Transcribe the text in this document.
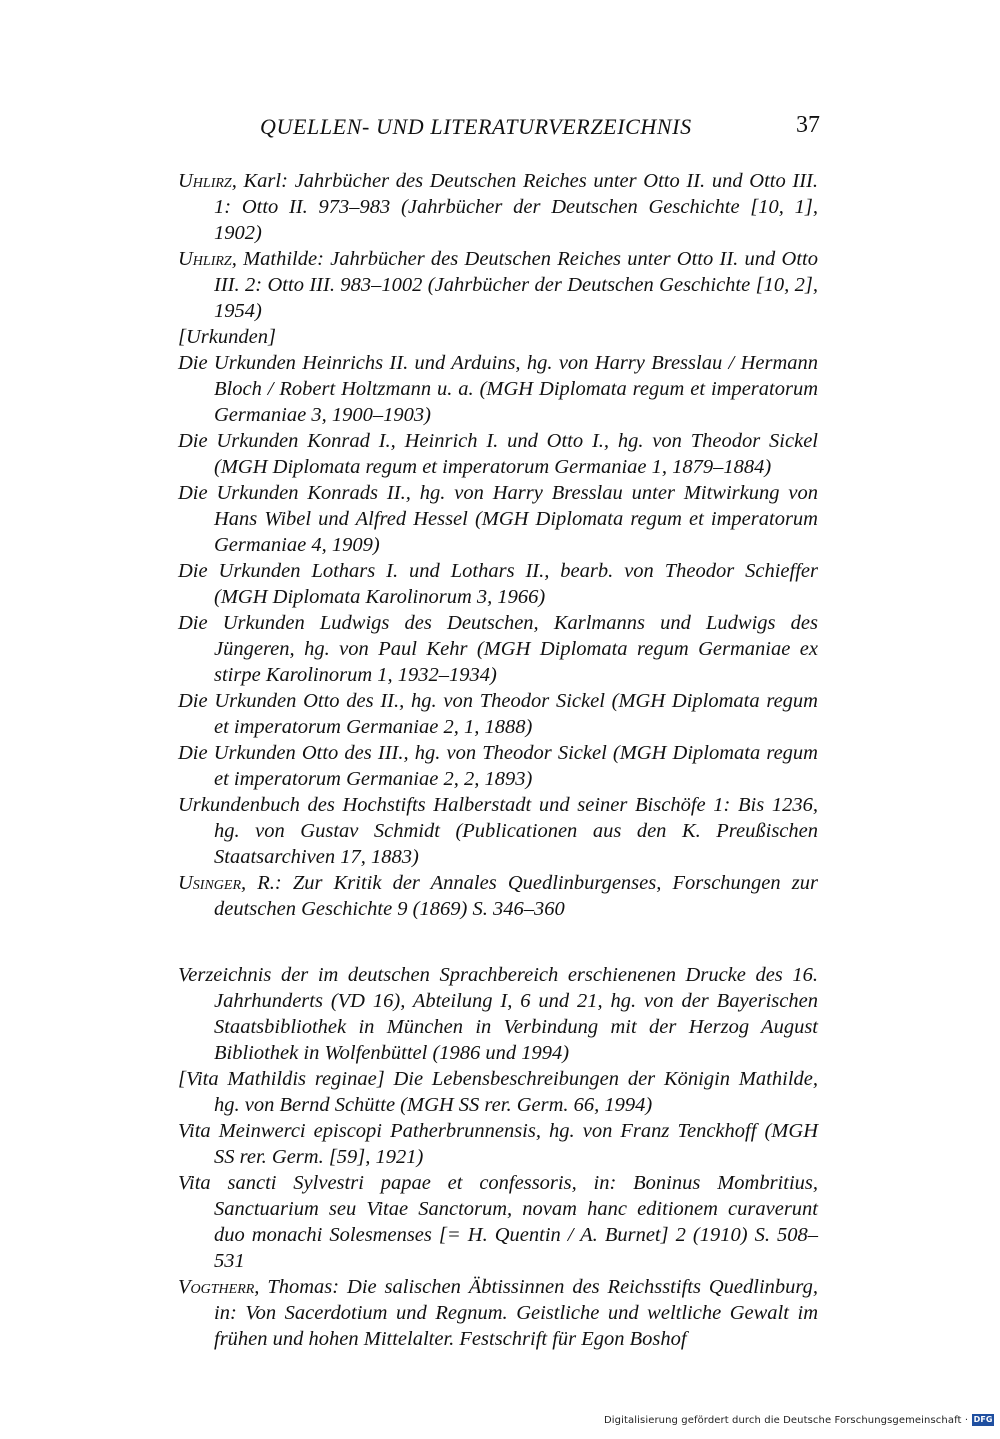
QUELLEN- UND LITERATURVERZEICHNIS	37

Uhlirz, Karl: Jahrbücher des Deutschen Reiches unter Otto II. und Otto III. 1: Otto II. 973–983 (Jahrbücher der Deutschen Geschichte [10, 1], 1902)

Uhlirz, Mathilde: Jahrbücher des Deutschen Reiches unter Otto II. und Otto III. 2: Otto III. 983–1002 (Jahrbücher der Deutschen Geschichte [10, 2], 1954)

[Urkunden]

Die Urkunden Heinrichs II. und Arduins, hg. von Harry Bresslau / Hermann Bloch / Robert Holtzmann u. a. (MGH Diplomata regum et imperatorum Germaniae 3, 1900–1903)

Die Urkunden Konrad I., Heinrich I. und Otto I., hg. von Theodor Sickel (MGH Diplomata regum et imperatorum Germaniae 1, 1879–1884)

Die Urkunden Konrads II., hg. von Harry Bresslau unter Mitwirkung von Hans Wibel und Alfred Hessel (MGH Diplomata regum et imperatorum Germaniae 4, 1909)

Die Urkunden Lothars I. und Lothars II., bearb. von Theodor Schieffer (MGH Diplomata Karolinorum 3, 1966)

Die Urkunden Ludwigs des Deutschen, Karlmanns und Ludwigs des Jüngeren, hg. von Paul Kehr (MGH Diplomata regum Germaniae ex stirpe Karolinorum 1, 1932–1934)

Die Urkunden Otto des II., hg. von Theodor Sickel (MGH Diplomata regum et imperatorum Germaniae 2, 1, 1888)

Die Urkunden Otto des III., hg. von Theodor Sickel (MGH Diplomata regum et imperatorum Germaniae 2, 2, 1893)

Urkundenbuch des Hochstifts Halberstadt und seiner Bischöfe 1: Bis 1236, hg. von Gustav Schmidt (Publicationen aus den K. Preußischen Staatsarchiven 17, 1883)

Usinger, R.: Zur Kritik der Annales Quedlinburgenses, Forschungen zur deutschen Geschichte 9 (1869) S. 346–360

Verzeichnis der im deutschen Sprachbereich erschienenen Drucke des 16. Jahrhunderts (VD 16), Abteilung I, 6 und 21, hg. von der Bayerischen Staatsbibliothek in München in Verbindung mit der Herzog August Bibliothek in Wolfenbüttel (1986 und 1994)

[Vita Mathildis reginae] Die Lebensbeschreibungen der Königin Mathilde, hg. von Bernd Schütte (MGH SS rer. Germ. 66, 1994)

Vita Meinwerci episcopi Patherbrunnensis, hg. von Franz Tenckhoff (MGH SS rer. Germ. [59], 1921)

Vita sancti Sylvestri papae et confessoris, in: Boninus Mombritius, Sanctuarium seu Vitae Sanctorum, novam hanc editionem curaverunt duo monachi Solesmenses [= H. Quentin / A. Burnet] 2 (1910) S. 508–531

Vogtherr, Thomas: Die salischen Äbtissinnen des Reichsstifts Quedlinburg, in: Von Sacerdotium und Regnum. Geistliche und weltliche Gewalt im frühen und hohen Mittelalter. Festschrift für Egon Boshof

Digitalisierung gefördert durch die Deutsche Forschungsgemeinschaft · DFG
